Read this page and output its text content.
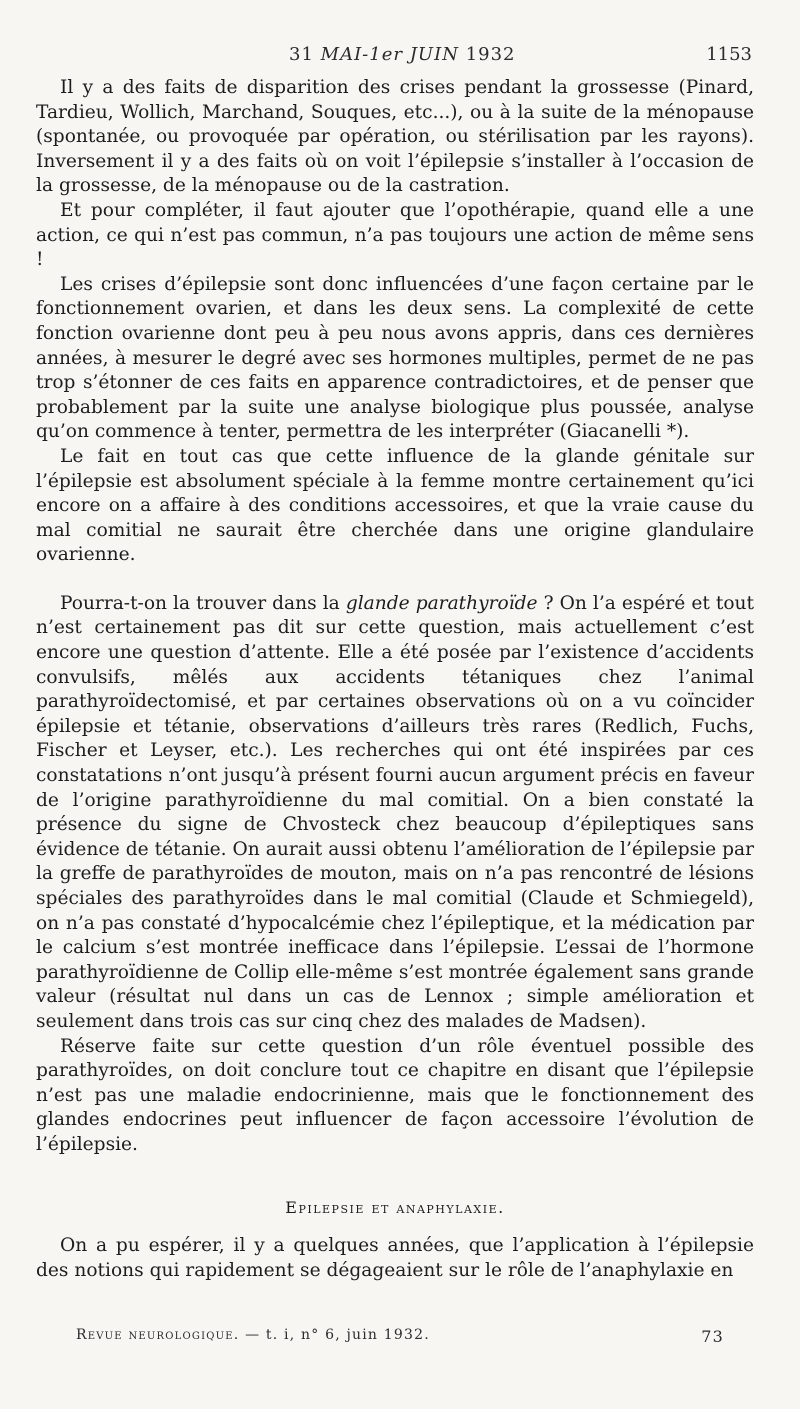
31 MAI-1er JUIN 1932	1153

Il y a des faits de disparition des crises pendant la grossesse (Pinard, Tardieu, Wollich, Marchand, Souques, etc...), ou à la suite de la ménopause (spontanée, ou provoquée par opération, ou stérilisation par les rayons). Inversement il y a des faits où on voit l’épilepsie s’installer à l’occasion de la grossesse, de la ménopause ou de la castration.

Et pour compléter, il faut ajouter que l’opothérapie, quand elle a une action, ce qui n’est pas commun, n’a pas toujours une action de même sens !

Les crises d’épilepsie sont donc influencées d’une façon certaine par le fonctionnement ovarien, et dans les deux sens. La complexité de cette fonction ovarienne dont peu à peu nous avons appris, dans ces dernières années, à mesurer le degré avec ses hormones multiples, permet de ne pas trop s’étonner de ces faits en apparence contradictoires, et de penser que probablement par la suite une analyse biologique plus poussée, analyse qu’on commence à tenter, permettra de les interpréter (Giacanelli *).

Le fait en tout cas que cette influence de la glande génitale sur l’épilepsie est absolument spéciale à la femme montre certainement qu’ici encore on a affaire à des conditions accessoires, et que la vraie cause du mal comitial ne saurait être cherchée dans une origine glandulaire ovarienne.

Pourra-t-on la trouver dans la glande parathyroïde ? On l’a espéré et tout n’est certainement pas dit sur cette question, mais actuellement c’est encore une question d’attente. Elle a été posée par l’existence d’accidents convulsifs, mêlés aux accidents tétaniques chez l’animal parathyroïdectomisé, et par certaines observations où on a vu coïncider épilepsie et tétanie, observations d’ailleurs très rares (Redlich, Fuchs, Fischer et Leyser, etc.). Les recherches qui ont été inspirées par ces constatations n’ont jusqu’à présent fourni aucun argument précis en faveur de l’origine parathyroïdienne du mal comitial. On a bien constaté la présence du signe de Chvosteck chez beaucoup d’épileptiques sans évidence de tétanie. On aurait aussi obtenu l’amélioration de l’épilepsie par la greffe de parathyroïdes de mouton, mais on n’a pas rencontré de lésions spéciales des parathyroïdes dans le mal comitial (Claude et Schmiegeld), on n’a pas constaté d’hypocalcémie chez l’épileptique, et la médication par le calcium s’est montrée inefficace dans l’épilepsie. L’essai de l’hormone parathyroïdienne de Collip elle-même s’est montrée également sans grande valeur (résultat nul dans un cas de Lennox ; simple amélioration et seulement dans trois cas sur cinq chez des malades de Madsen).

Réserve faite sur cette question d’un rôle éventuel possible des parathyroïdes, on doit conclure tout ce chapitre en disant que l’épilepsie n’est pas une maladie endocrinienne, mais que le fonctionnement des glandes endocrines peut influencer de façon accessoire l’évolution de l’épilepsie.

Epilepsie et anaphylaxie.

On a pu espérer, il y a quelques années, que l’application à l’épilepsie des notions qui rapidement se dégageaient sur le rôle de l’anaphylaxie en

Revue neurologique. — t. i, n° 6, juin 1932.	73
